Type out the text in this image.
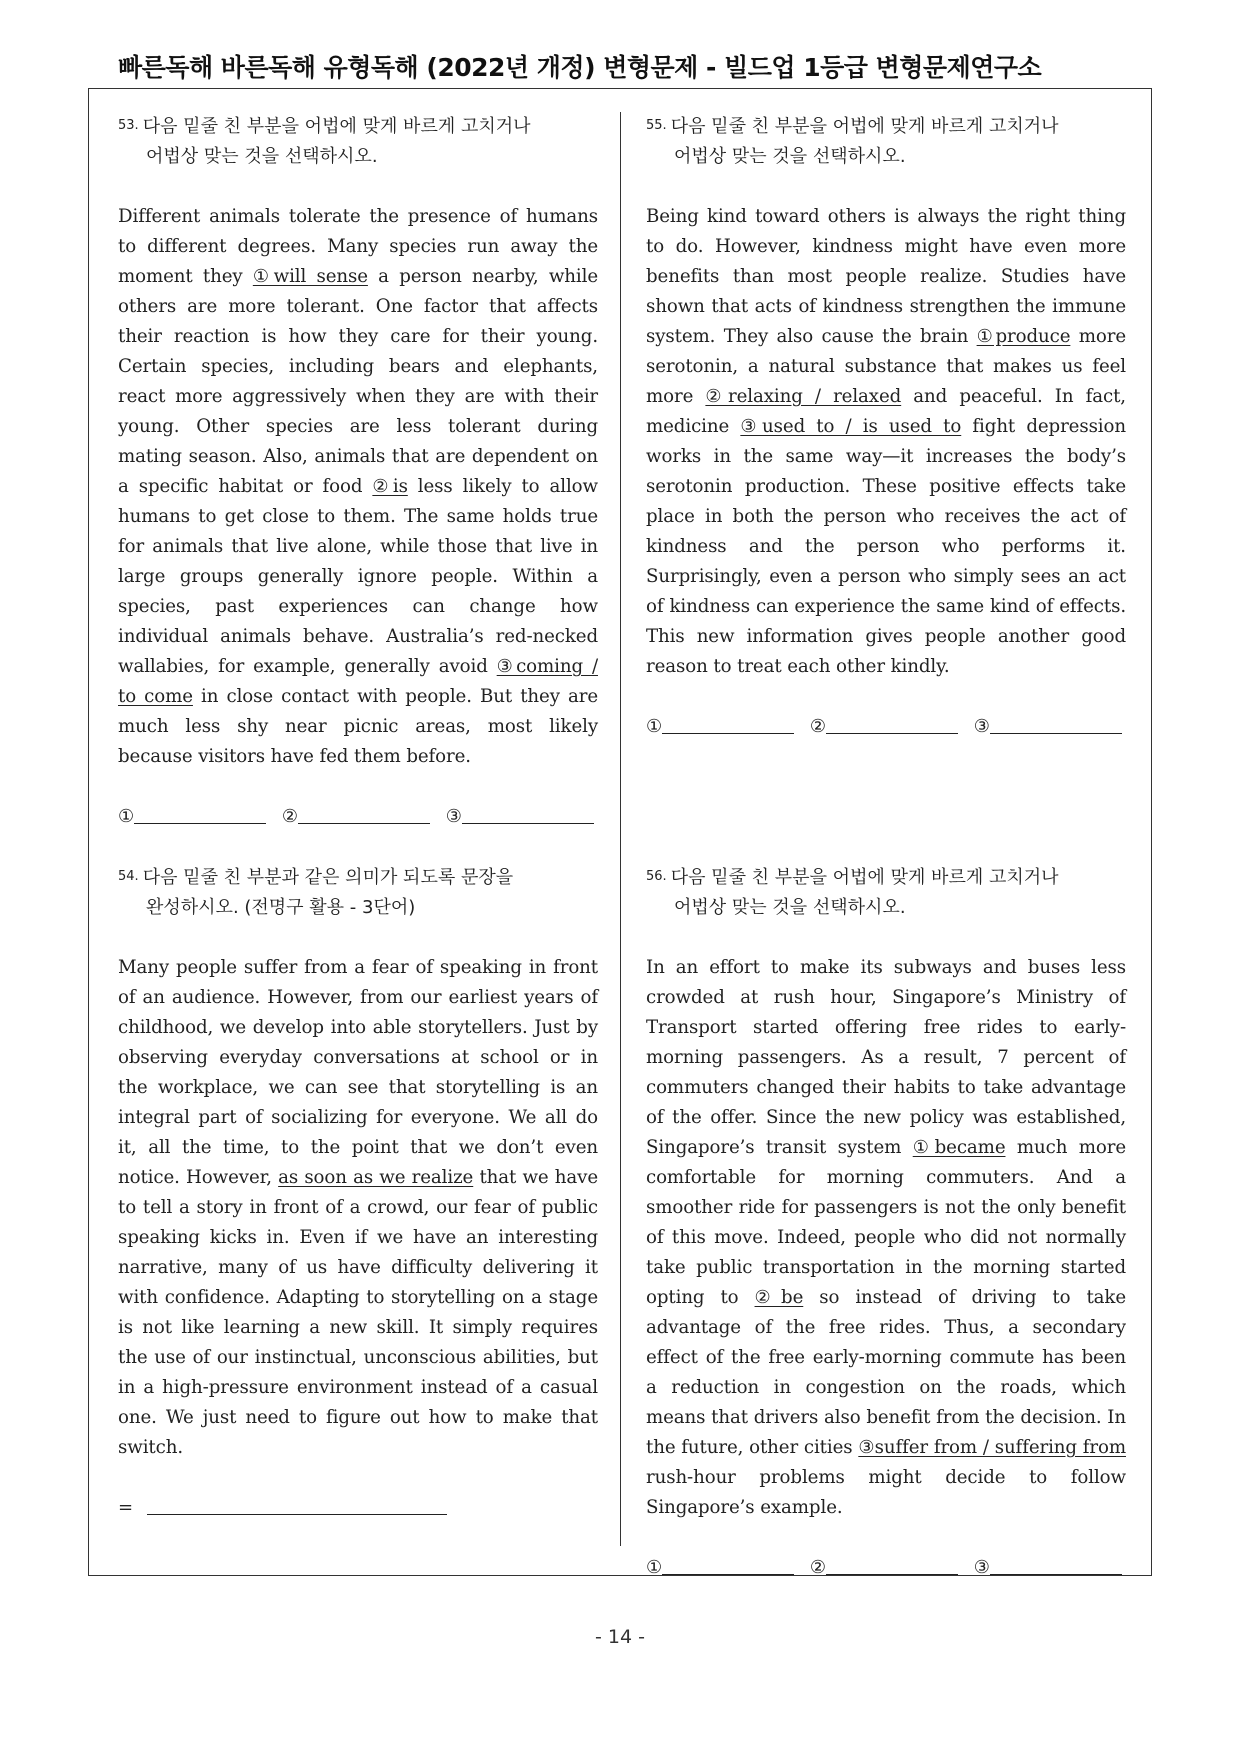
빠른독해 바른독해 유형독해 (2022년 개정) 변형문제 - 빌드업 1등급 변형문제연구소
53. 다음 밑줄 친 부분을 어법에 맞게 바르게 고치거나
어법상 맞는 것을 선택하시오.
Different animals tolerate the presence of humans to different degrees. Many species run away the moment they ①will sense a person nearby, while others are more tolerant. One factor that affects their reaction is how they care for their young. Certain species, including bears and elephants, react more aggressively when they are with their young. Other species are less tolerant during mating season. Also, animals that are dependent on a specific habitat or food ②is less likely to allow humans to get close to them. The same holds true for animals that live alone, while those that live in large groups generally ignore people. Within a species, past experiences can change how individual animals behave. Australia’s red-necked wallabies, for example, generally avoid ③coming / to come in close contact with people. But they are much less shy near picnic areas, most likely because visitors have fed them before.
①	②	③
54. 다음 밑줄 친 부분과 같은 의미가 되도록 문장을
완성하시오. (전명구 활용 - 3단어)
Many people suffer from a fear of speaking in front of an audience. However, from our earliest years of childhood, we develop into able storytellers. Just by observing everyday conversations at school or in the workplace, we can see that storytelling is an integral part of socializing for everyone. We all do it, all the time, to the point that we don’t even notice. However, as soon as we realize that we have to tell a story in front of a crowd, our fear of public speaking kicks in. Even if we have an interesting narrative, many of us have difficulty delivering it with confidence. Adapting to storytelling on a stage is not like learning a new skill. It simply requires the use of our instinctual, unconscious abilities, but in a high-pressure environment instead of a casual one. We just need to figure out how to make that switch.
=
55. 다음 밑줄 친 부분을 어법에 맞게 바르게 고치거나
어법상 맞는 것을 선택하시오.
Being kind toward others is always the right thing to do. However, kindness might have even more benefits than most people realize. Studies have shown that acts of kindness strengthen the immune system. They also cause the brain ①produce more serotonin, a natural substance that makes us feel more ②relaxing / relaxed and peaceful. In fact, medicine ③used to / is used to fight depression works in the same way—it increases the body’s serotonin production. These positive effects take place in both the person who receives the act of kindness and the person who performs it. Surprisingly, even a person who simply sees an act of kindness can experience the same kind of effects. This new information gives people another good reason to treat each other kindly.
①	②	③
56. 다음 밑줄 친 부분을 어법에 맞게 바르게 고치거나
어법상 맞는 것을 선택하시오.
In an effort to make its subways and buses less crowded at rush hour, Singapore’s Ministry of Transport started offering free rides to early-morning passengers. As a result, 7 percent of commuters changed their habits to take advantage of the offer. Since the new policy was established, Singapore’s transit system ①became much more comfortable for morning commuters. And a smoother ride for passengers is not the only benefit of this move. Indeed, people who did not normally take public transportation in the morning started opting to ②be so instead of driving to take advantage of the free rides. Thus, a secondary effect of the free early-morning commute has been a reduction in congestion on the roads, which means that drivers also benefit from the decision. In the future, other cities ③suffer from / suffering from rush-hour problems might decide to follow Singapore’s example.
①	②	③
- 14 -
